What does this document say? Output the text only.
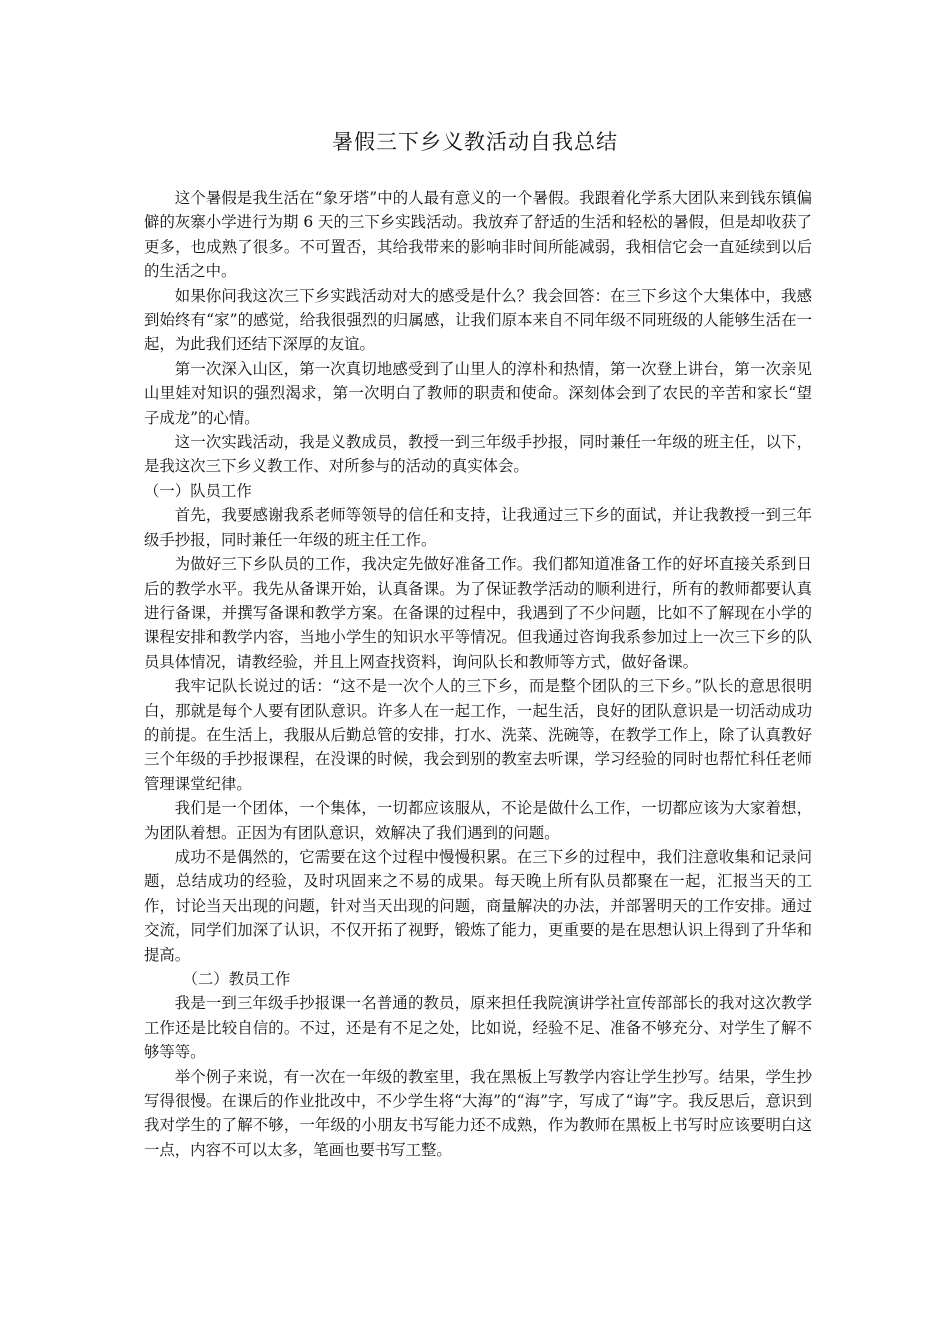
暑假三下乡义教活动自我总结

这个暑假是我生活在“象牙塔”中的人最有意义的一个暑假。我跟着化学系大团队来到钱东镇偏僻的灰寨小学进行为期 6 天的三下乡实践活动。我放弃了舒适的生活和轻松的暑假，但是却收获了更多，也成熟了很多。不可置否，其给我带来的影响非时间所能减弱，我相信它会一直延续到以后的生活之中。

如果你问我这次三下乡实践活动对大的感受是什么？我会回答：在三下乡这个大集体中，我感到始终有“家”的感觉，给我很强烈的归属感，让我们原本来自不同年级不同班级的人能够生活在一起，为此我们还结下深厚的友谊。

第一次深入山区，第一次真切地感受到了山里人的淳朴和热情，第一次登上讲台，第一次亲见山里娃对知识的强烈渴求，第一次明白了教师的职责和使命。深刻体会到了农民的辛苦和家长“望子成龙”的心情。

这一次实践活动，我是义教成员，教授一到三年级手抄报，同时兼任一年级的班主任，以下，是我这次三下乡义教工作、对所参与的活动的真实体会。

（一）队员工作

首先，我要感谢我系老师等领导的信任和支持，让我通过三下乡的面试，并让我教授一到三年级手抄报，同时兼任一年级的班主任工作。

为做好三下乡队员的工作，我决定先做好准备工作。我们都知道准备工作的好坏直接关系到日后的教学水平。我先从备课开始，认真备课。为了保证教学活动的顺利进行，所有的教师都要认真进行备课，并撰写备课和教学方案。在备课的过程中，我遇到了不少问题，比如不了解现在小学的课程安排和教学内容，当地小学生的知识水平等情况。但我通过咨询我系参加过上一次三下乡的队员具体情况，请教经验，并且上网查找资料，询问队长和教师等方式，做好备课。

我牢记队长说过的话：“这不是一次个人的三下乡，而是整个团队的三下乡。”队长的意思很明白，那就是每个人要有团队意识。许多人在一起工作，一起生活，良好的团队意识是一切活动成功的前提。在生活上，我服从后勤总管的安排，打水、洗菜、洗碗等，在教学工作上，除了认真教好三个年级的手抄报课程，在没课的时候，我会到别的教室去听课，学习经验的同时也帮忙科任老师管理课堂纪律。

我们是一个团体，一个集体，一切都应该服从，不论是做什么工作，一切都应该为大家着想，为团队着想。正因为有团队意识，效解决了我们遇到的问题。

成功不是偶然的，它需要在这个过程中慢慢积累。在三下乡的过程中，我们注意收集和记录问题，总结成功的经验，及时巩固来之不易的成果。每天晚上所有队员都聚在一起，汇报当天的工作，讨论当天出现的问题，针对当天出现的问题，商量解决的办法，并部署明天的工作安排。通过交流，同学们加深了认识，不仅开拓了视野，锻炼了能力，更重要的是在思想认识上得到了升华和提高。

（二）教员工作

我是一到三年级手抄报课一名普通的教员，原来担任我院演讲学社宣传部部长的我对这次教学工作还是比较自信的。不过，还是有不足之处，比如说，经验不足、准备不够充分、对学生了解不够等等。

举个例子来说，有一次在一年级的教室里，我在黑板上写教学内容让学生抄写。结果，学生抄写得很慢。在课后的作业批改中，不少学生将“大海”的“海”字，写成了“诲”字。我反思后，意识到我对学生的了解不够，一年级的小朋友书写能力还不成熟，作为教师在黑板上书写时应该要明白这一点，内容不可以太多，笔画也要书写工整。
